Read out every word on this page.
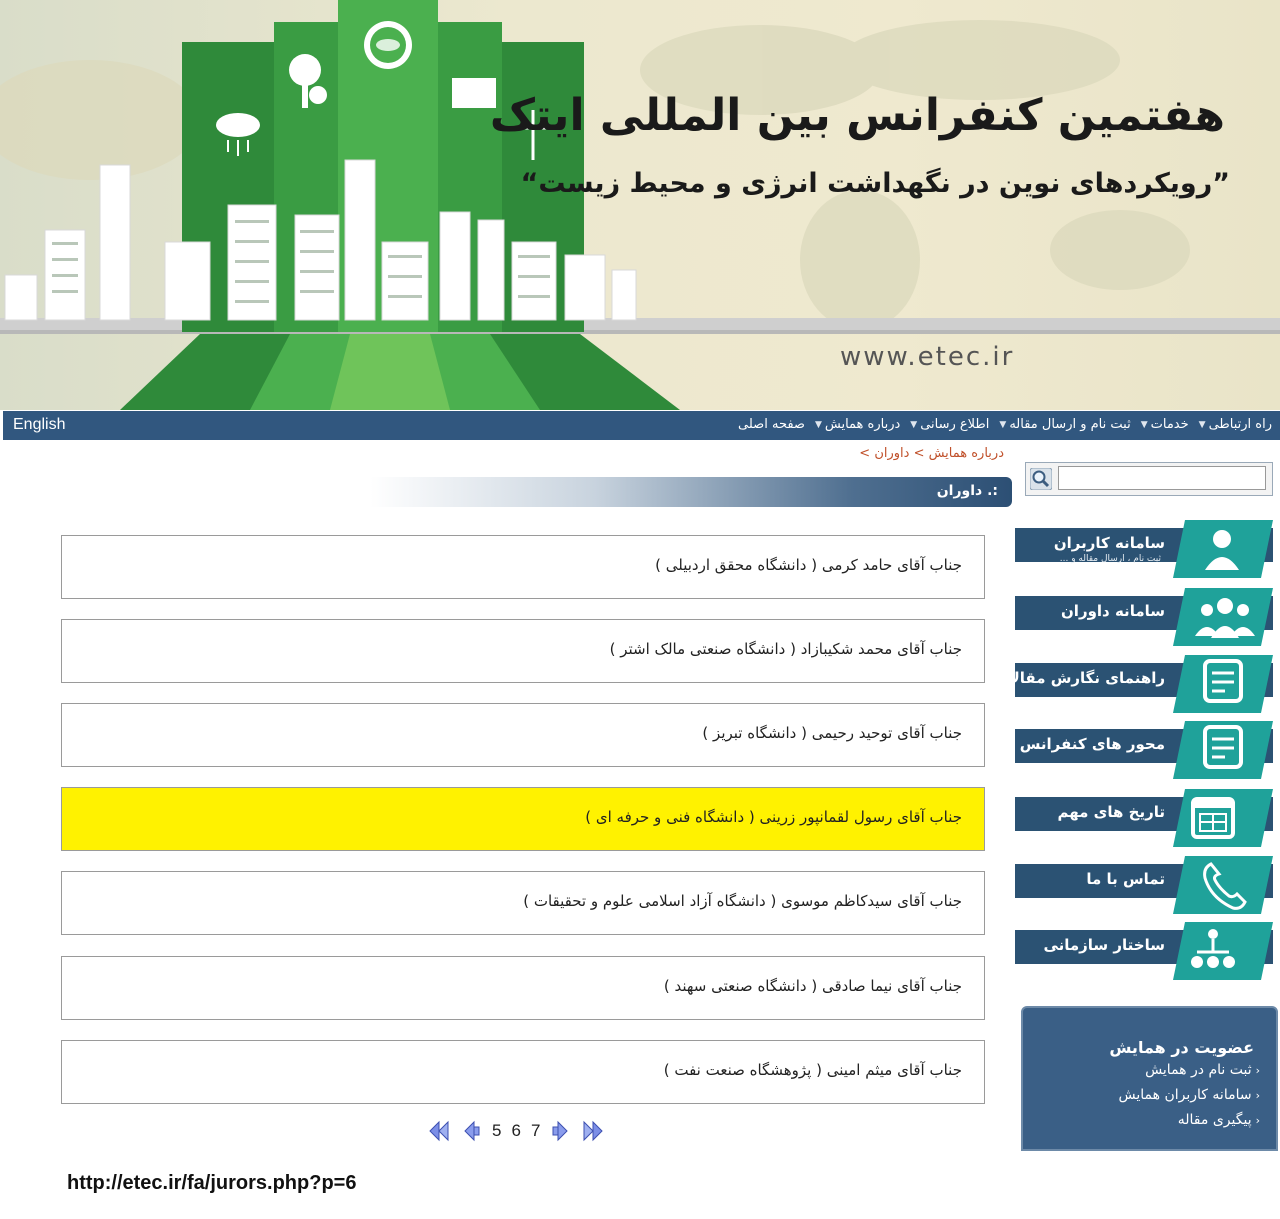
هفتمین کنفرانس بین المللی ایتک
”رویکردهای نوین در نگهداشت انرژی و محیط زیست“
www.etec.ir
English	صفحه اصلی درباره همایش
▼	اطلاع رسانی
▼	ثبت نام و ارسال مقاله
▼	خدمات
▼	راه ارتباطی
▼
درباره همایش > داوران >
:. داوران
جناب آقای حامد کرمی ( دانشگاه محقق اردبیلی )
جناب آقای محمد شکیبازاد ( دانشگاه صنعتی مالک اشتر )
جناب آقای توحید رحیمی ( دانشگاه تبریز )
جناب آقای رسول لقمانپور زرینی ( دانشگاه فنی و حرفه ای )
جناب آقای سیدکاظم موسوی ( دانشگاه آزاد اسلامی علوم و تحقیقات )
جناب آقای نیما صادقی ( دانشگاه صنعتی سهند )
جناب آقای میثم امینی ( پژوهشگاه صنعت نفت )
5 6 7
سامانه کاربران
ثبت نام ، ارسال مقاله و ...
سامانه داوران
راهنمای نگارش مقالات
محور های کنفرانس
تاریخ های مهم
تماس با ما
ساختار سازمانی
عضویت در همایش
‹ثبت نام در همایش
‹سامانه کاربران همایش
‹پیگیری مقاله
http://etec.ir/fa/jurors.php?p=6
